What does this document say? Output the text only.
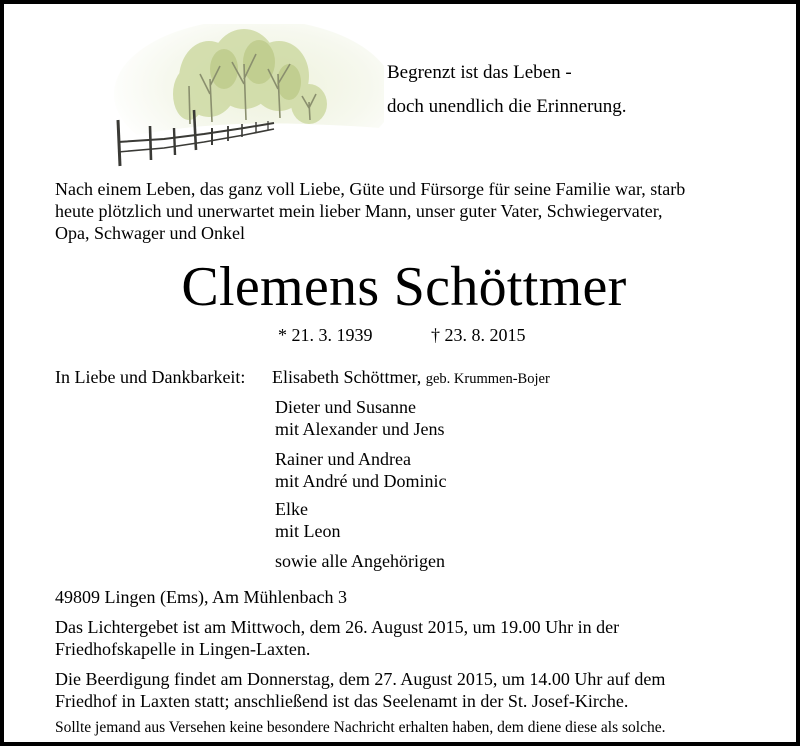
Begrenzt ist das Leben -
doch unendlich die Erinnerung.
Nach einem Leben, das ganz voll Liebe, Güte und Fürsorge für seine Familie war, starb
heute plötzlich und unerwartet mein lieber Mann, unser guter Vater, Schwiegervater,
Opa, Schwager und Onkel
Clemens Schöttmer
* 21. 3. 1939	† 23. 8. 2015
In Liebe und Dankbarkeit: Elisabeth Schöttmer, geb. Krummen-Bojer
Dieter und Susanne
mit Alexander und Jens
Rainer und Andrea
mit André und Dominic
Elke
mit Leon
sowie alle Angehörigen
49809 Lingen (Ems), Am Mühlenbach 3
Das Lichtergebet ist am Mittwoch, dem 26. August 2015, um 19.00 Uhr in der
Friedhofskapelle in Lingen-Laxten.
Die Beerdigung findet am Donnerstag, dem 27. August 2015, um 14.00 Uhr auf dem
Friedhof in Laxten statt; anschließend ist das Seelenamt in der St. Josef-Kirche.
Sollte jemand aus Versehen keine besondere Nachricht erhalten haben, dem diene diese als solche.
